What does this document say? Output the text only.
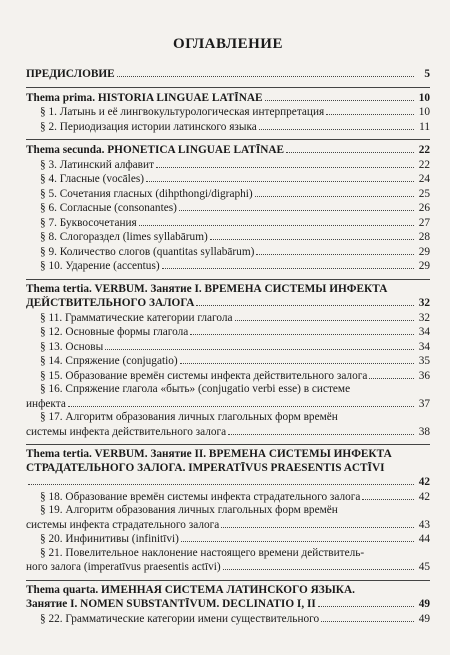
ОГЛАВЛЕНИЕ
ПРЕДИСЛОВИЕ	5
Thema prima. HISTORIA LINGUAE LATĪNAE	10
§ 1. Латынь и её лингвокультурологическая интерпретация	10
§ 2. Периодизация истории латинского языка	11
Thema secunda. PHONETICA LINGUAE LATĪNAE	22
§ 3. Латинский алфавит	22
§ 4. Гласные (vocāles)	24
§ 5. Сочетания гласных (dihpthongi/digraphi)	25
§ 6. Согласные (consonantes)	26
§ 7. Буквосочетания	27
§ 8. Слогораздел (limes syllabārum)	28
§ 9. Количество слогов (quantitas syllabārum)	29
§ 10. Ударение (accentus)	29
Thema tertia. VERBUM. Занятие I. ВРЕМЕНА СИСТЕМЫ ИНФЕКТА
ДЕЙСТВИТЕЛЬНОГО ЗАЛОГА	32
§ 11. Грамматические категории глагола	32
§ 12. Основные формы глагола	34
§ 13. Основы	34
§ 14. Спряжение (conjugatio)	35
§ 15. Образование времён системы инфекта действительного залога	36
§ 16. Спряжение глагола «быть» (conjugatio verbi esse) в системе
инфекта	37
§ 17. Алгоритм образования личных глагольных форм времён
системы инфекта действительного залога	38
Thema tertia. VERBUM. Занятие II. ВРЕМЕНА СИСТЕМЫ ИНФЕКТА
СТРАДАТЕЛЬНОГО ЗАЛОГА. IMPERATĪVUS PRAESENTIS ACTĪVI
42
§ 18. Образование времён системы инфекта страдательного залога	42
§ 19. Алгоритм образования личных глагольных форм времён
системы инфекта страдательного залога	43
§ 20. Инфинитивы (infinitīvi)	44
§ 21. Повелительное наклонение настоящего времени действитель-
ного залога (imperatīvus praesentis actīvi)	45
Thema quarta. ИМЕННАЯ СИСТЕМА ЛАТИНСКОГО ЯЗЫКА.
Занятие I. NOMEN SUBSTANTĪVUM. DECLINATIO I, II	49
§ 22. Грамматические категории имени существительного	49
